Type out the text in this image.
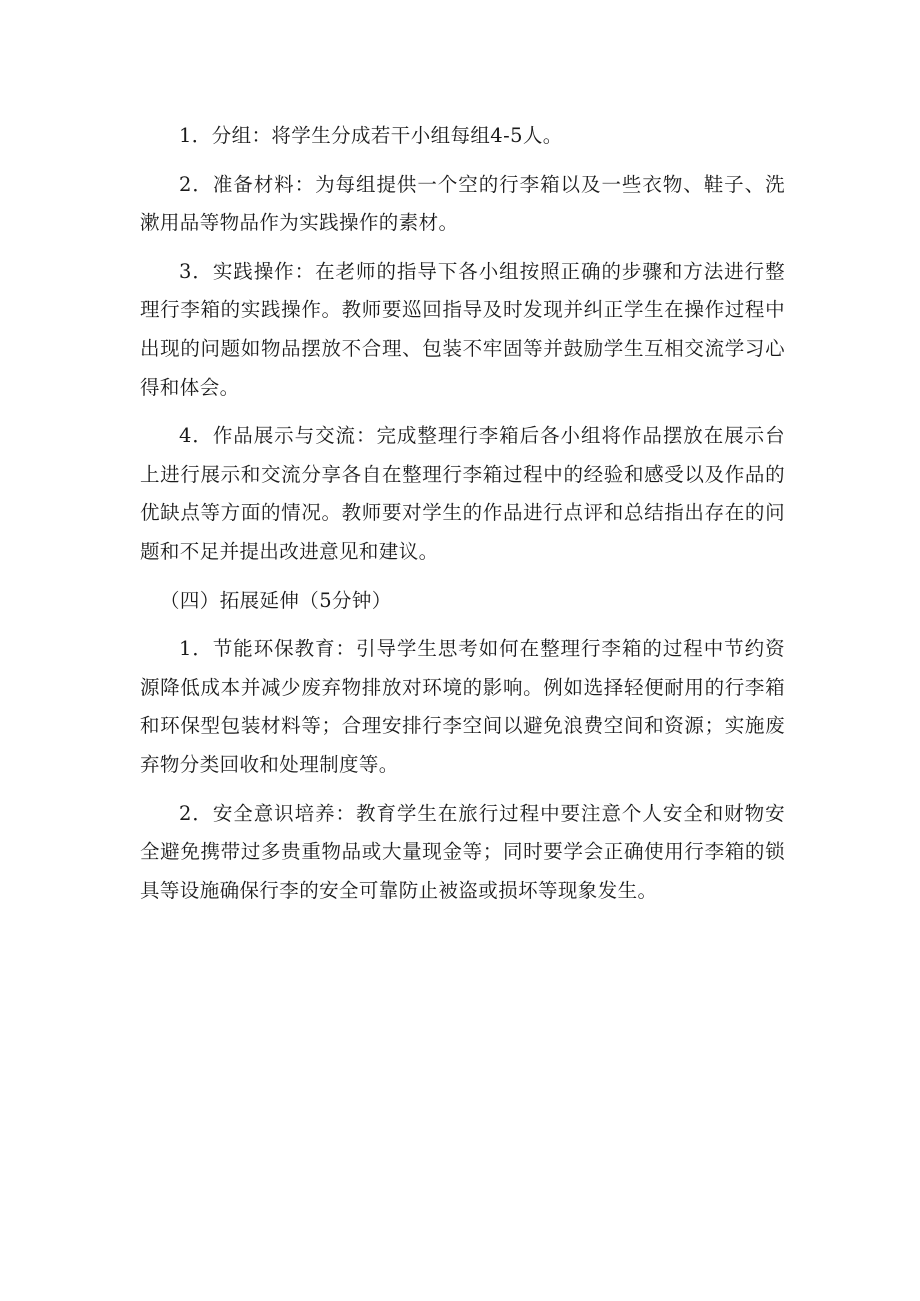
1．分组：将学生分成若干小组每组4-5人。

2．准备材料：为每组提供一个空的行李箱以及一些衣物、鞋子、洗漱用品等物品作为实践操作的素材。

3．实践操作：在老师的指导下各小组按照正确的步骤和方法进行整理行李箱的实践操作。教师要巡回指导及时发现并纠正学生在操作过程中出现的问题如物品摆放不合理、包装不牢固等并鼓励学生互相交流学习心得和体会。

4．作品展示与交流：完成整理行李箱后各小组将作品摆放在展示台上进行展示和交流分享各自在整理行李箱过程中的经验和感受以及作品的优缺点等方面的情况。教师要对学生的作品进行点评和总结指出存在的问题和不足并提出改进意见和建议。

（四）拓展延伸（5分钟）

1．节能环保教育：引导学生思考如何在整理行李箱的过程中节约资源降低成本并减少废弃物排放对环境的影响。例如选择轻便耐用的行李箱和环保型包装材料等；合理安排行李空间以避免浪费空间和资源；实施废弃物分类回收和处理制度等。

2．安全意识培养：教育学生在旅行过程中要注意个人安全和财物安全避免携带过多贵重物品或大量现金等；同时要学会正确使用行李箱的锁具等设施确保行李的安全可靠防止被盗或损坏等现象发生。
